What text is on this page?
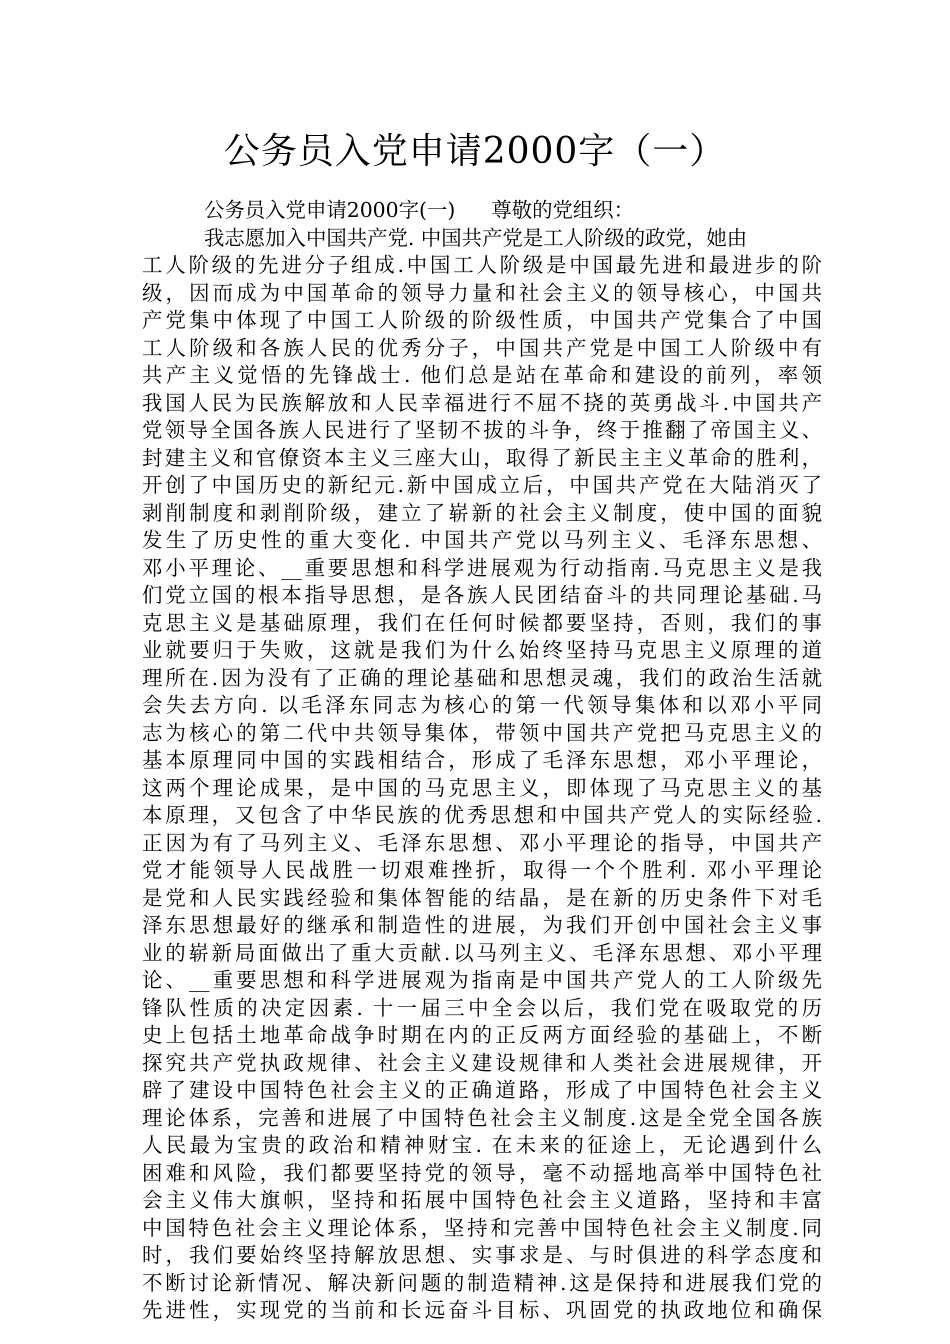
公务员入党申请2000字（一）
公务员入党申请2000字(一) 尊敬的党组织：
我志愿加入中国共产党. 中国共产党是工人阶级的政党，她由
工人阶级的先进分子组成.中国工人阶级是中国最先进和最进步的阶
级，因而成为中国革命的领导力量和社会主义的领导核心，中国共
产党集中体现了中国工人阶级的阶级性质，中国共产党集合了中国
工人阶级和各族人民的优秀分子，中国共产党是中国工人阶级中有
共产主义觉悟的先锋战士. 他们总是站在革命和建设的前列，率领
我国人民为民族解放和人民幸福进行不屈不挠的英勇战斗.中国共产
党领导全国各族人民进行了坚韧不拔的斗争，终于推翻了帝国主义、
封建主义和官僚资本主义三座大山，取得了新民主主义革命的胜利，
开创了中国历史的新纪元.新中国成立后，中国共产党在大陆消灭了
剥削制度和剥削阶级，建立了崭新的社会主义制度，使中国的面貌
发生了历史性的重大变化. 中国共产党以马列主义、毛泽东思想、
邓小平理论、__重要思想和科学进展观为行动指南.马克思主义是我
们党立国的根本指导思想，是各族人民团结奋斗的共同理论基础.马
克思主义是基础原理，我们在任何时候都要坚持，否则，我们的事
业就要归于失败，这就是我们为什么始终坚持马克思主义原理的道
理所在.因为没有了正确的理论基础和思想灵魂，我们的政治生活就
会失去方向. 以毛泽东同志为核心的第一代领导集体和以邓小平同
志为核心的第二代中共领导集体，带领中国共产党把马克思主义的
基本原理同中国的实践相结合，形成了毛泽东思想，邓小平理论，
这两个理论成果，是中国的马克思主义，即体现了马克思主义的基
本原理，又包含了中华民族的优秀思想和中国共产党人的实际经验.
正因为有了马列主义、毛泽东思想、邓小平理论的指导，中国共产
党才能领导人民战胜一切艰难挫折，取得一个个胜利. 邓小平理论
是党和人民实践经验和集体智能的结晶，是在新的历史条件下对毛
泽东思想最好的继承和制造性的进展，为我们开创中国社会主义事
业的崭新局面做出了重大贡献.以马列主义、毛泽东思想、邓小平理
论、__重要思想和科学进展观为指南是中国共产党人的工人阶级先
锋队性质的决定因素. 十一届三中全会以后，我们党在吸取党的历
史上包括土地革命战争时期在内的正反两方面经验的基础上，不断
探究共产党执政规律、社会主义建设规律和人类社会进展规律，开
辟了建设中国特色社会主义的正确道路，形成了中国特色社会主义
理论体系，完善和进展了中国特色社会主义制度.这是全党全国各族
人民最为宝贵的政治和精神财宝. 在未来的征途上，无论遇到什么
困难和风险，我们都要坚持党的领导，毫不动摇地高举中国特色社
会主义伟大旗帜，坚持和拓展中国特色社会主义道路，坚持和丰富
中国特色社会主义理论体系，坚持和完善中国特色社会主义制度.同
时，我们要始终坚持解放思想、实事求是、与时俱进的科学态度和
不断讨论新情况、解决新问题的制造精神.这是保持和进展我们党的
先进性，实现党的当前和长远奋斗目标、巩固党的执政地位和确保
